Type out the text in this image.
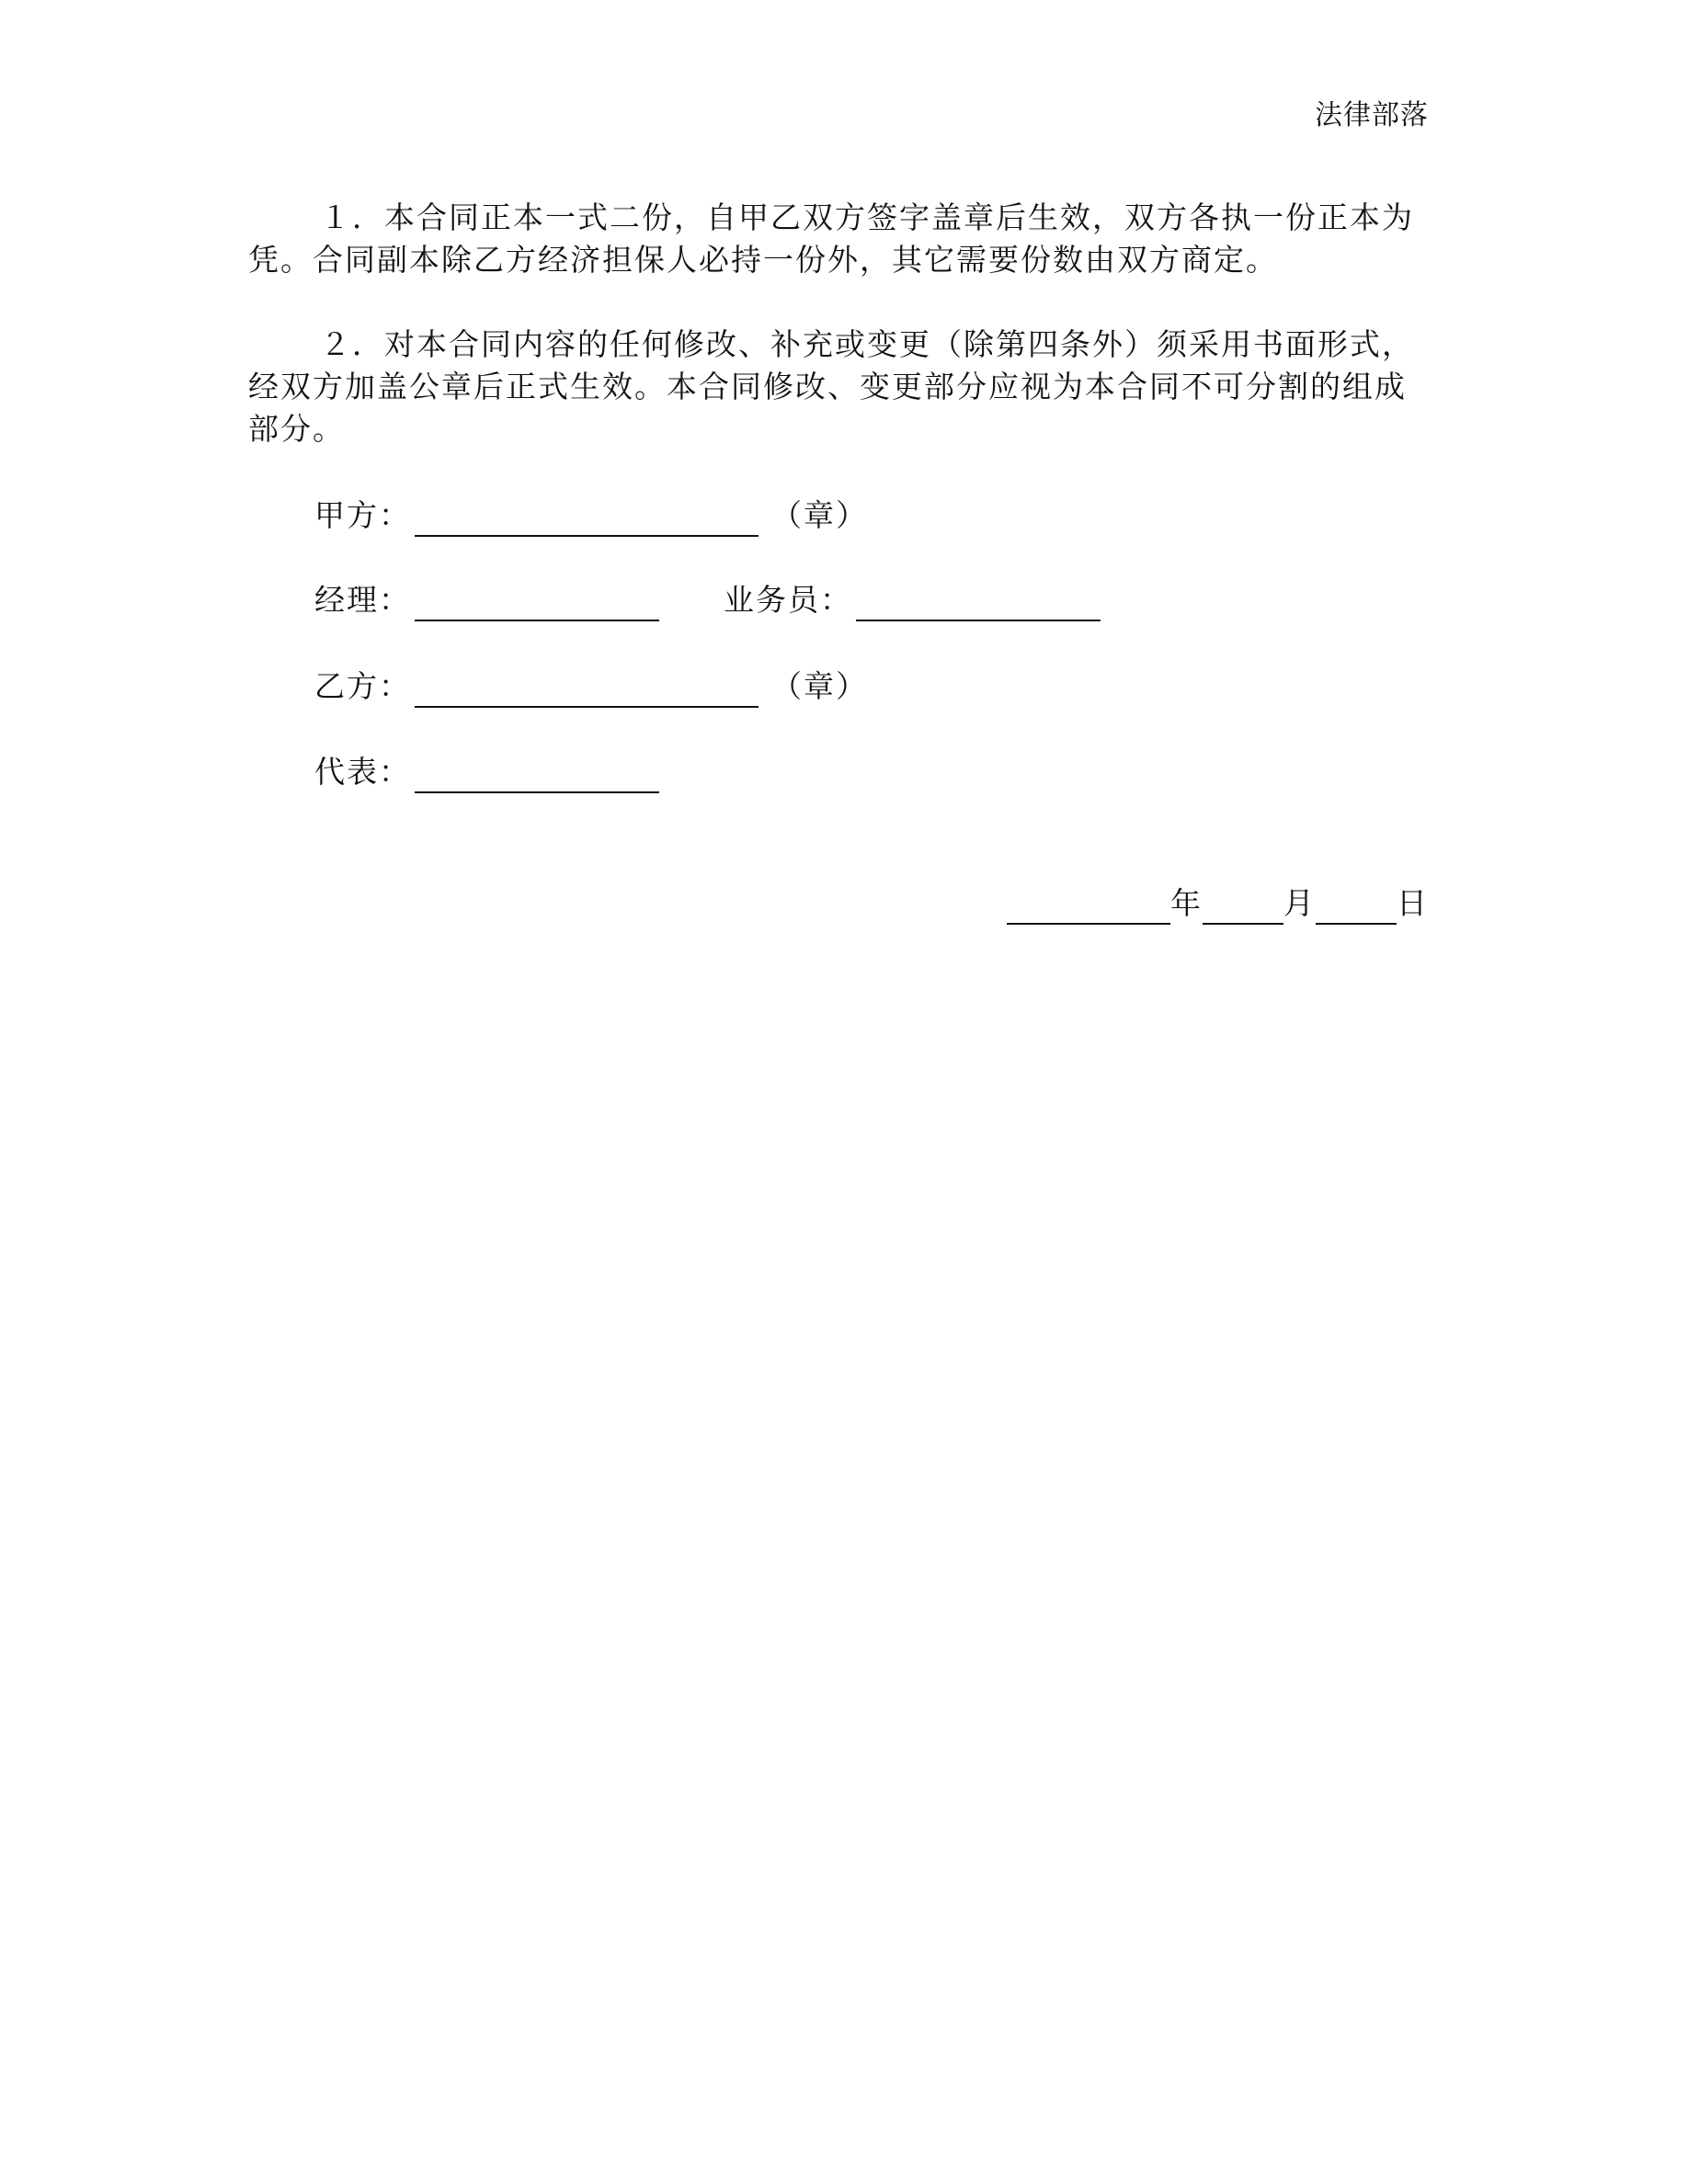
法律部落

１．本合同正本一式二份，自甲乙双方签字盖章后生效，双方各执一份正本为

凭。合同副本除乙方经济担保人必持一份外，其它需要份数由双方商定。

２．对本合同内容的任何修改、补充或变更（除第四条外）须采用书面形式，

经双方加盖公章后正式生效。本合同修改、变更部分应视为本合同不可分割的组成

部分。

甲方：	（章）
经理：	业务员：
乙方：	（章）
代表：
年	月	日
